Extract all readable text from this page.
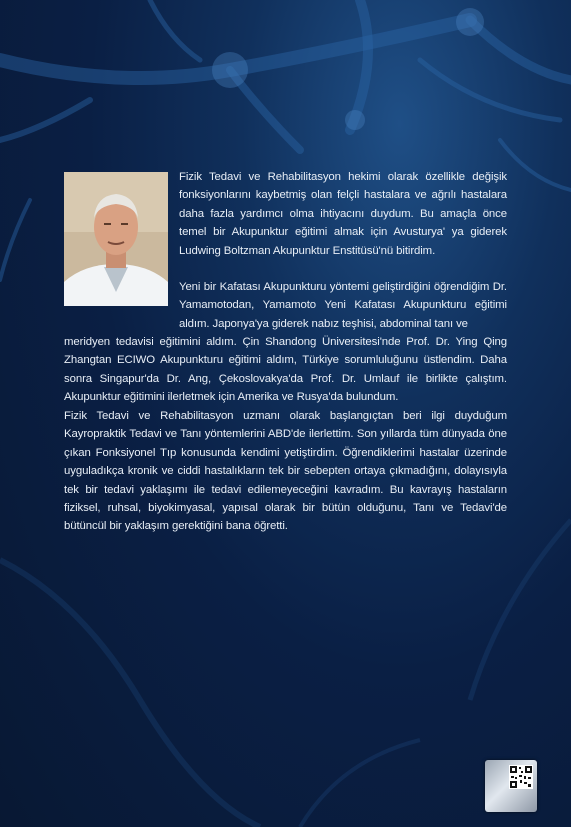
Fizik Tedavi ve Rehabilitasyon hekimi olarak özellikle değişik fonksiyonlarını kaybetmiş olan felçli hastalara ve ağrılı hastalara daha fazla yardımcı olma ihtiyacını duydum. Bu amaçla önce temel bir Akupunktur eğitimi almak için Avusturya' ya giderek Ludwing Boltzman Akupunktur Enstitüsü'nü bitirdim.

Yeni bir Kafatası Akupunkturu yöntemi geliştirdiğini öğrendiğim Dr. Yamamotodan, Yamamoto Yeni Kafatası Akupunkturu eğitimi aldım. Japonya'ya giderek nabız teşhisi, abdominal tanı ve

meridyen tedavisi eğitimini aldım. Çin Shandong Üniversitesi'nde Prof. Dr. Ying Qing Zhangtan ECIWO Akupunkturu eğitimi aldım, Türkiye sorumluluğunu üstlendim. Daha sonra Singapur'da Dr. Ang, Çekoslovakya'da Prof. Dr. Umlauf ile birlikte çalıştım. Akupunktur eğitimini ilerletmek için Amerika ve Rusya'da bulundum.

Fizik Tedavi ve Rehabilitasyon uzmanı olarak başlangıçtan beri ilgi duyduğum Kayropraktik Tedavi ve Tanı yöntemlerini ABD'de ilerlettim. Son yıllarda tüm dünyada öne çıkan Fonksiyonel Tıp konusunda kendimi yetiştirdim. Öğrendiklerimi hastalar üzerinde uyguladıkça kronik ve ciddi hastalıkların tek bir sebepten ortaya çıkmadığını, dolayısıyla tek bir tedavi yaklaşımı ile tedavi edilemeyeceğini kavradım. Bu kavrayış hastaların fiziksel, ruhsal, biyokimyasal, yapısal olarak bir bütün olduğunu, Tanı ve Tedavi'de bütüncül bir yaklaşım gerektiğini bana öğretti.
